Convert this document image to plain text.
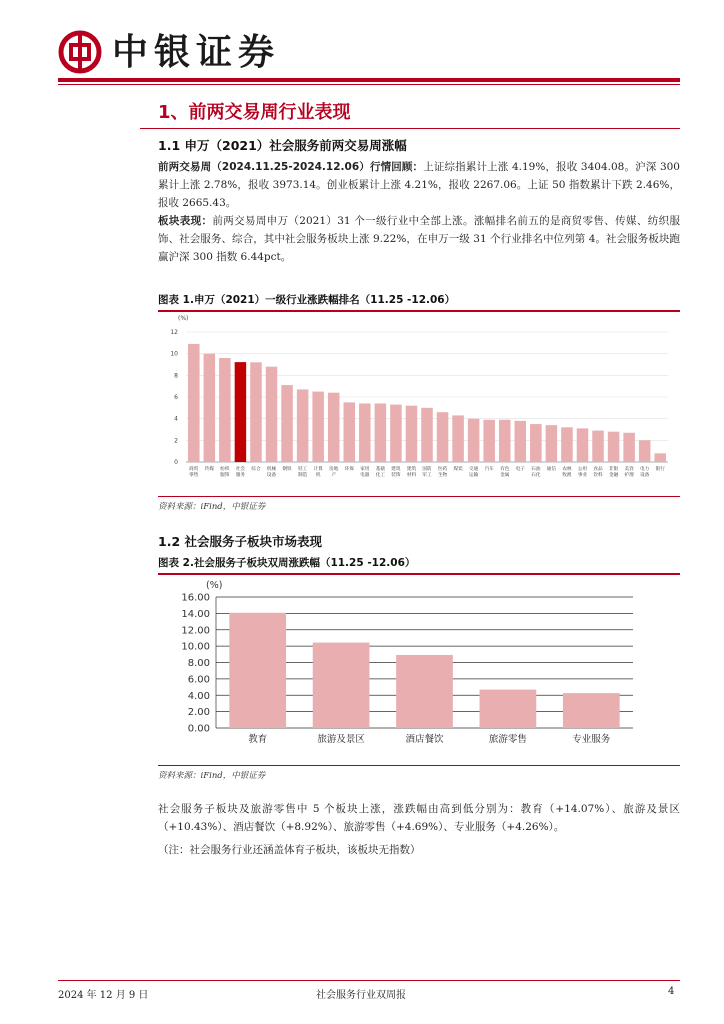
中银证券
1、前两交易周行业表现
1.1 申万（2021）社会服务前两交易周涨幅
前两交易周（2024.11.25-2024.12.06）行情回顾：上证综指累计上涨 4.19%，报收 3404.08。沪深 300 累计上涨 2.78%，报收 3973.14。创业板累计上涨 4.21%，报收 2267.06。上证 50 指数累计下跌 2.46%，报收 2665.43。
板块表现：前两交易周申万（2021）31 个一级行业中全部上涨。涨幅排名前五的是商贸零售、传媒、纺织服饰、社会服务、综合，其中社会服务板块上涨 9.22%，在申万一级 31 个行业排名中位列第 4。社会服务板块跑赢沪深 300 指数 6.44pct。
图表 1.申万（2021）一级行业涨跌幅排名（11.25 -12.06）
(%)
0
2
4
6
8
10
12
商贸零售
传媒 纺织服饰
社会服务
综合 机械设备
钢铁 轻工制造
计算机
房地产
环保 家用电器
基础化工
建筑装饰
建筑材料
国防军工
医药生物
煤炭 交通运输
汽车 有色金属
电子 石油石化
通信 农林牧渔
公用事业
食品饮料
非银金融
美容护理
电力设备
银行
资料来源：iFind，中银证券
1.2 社会服务子板块市场表现
图表 2.社会服务子板块双周涨跌幅（11.25 -12.06）
(%)
0.00
2.00
4.00
6.00
8.00
10.00
12.00
14.00
16.00
教育	旅游及景区	酒店餐饮	旅游零售	专业服务
资料来源：iFind，中银证券
社会服务子板块及旅游零售中 5 个板块上涨，涨跌幅由高到低分别为：教育（+14.07%）、旅游及景区（+10.43%）、酒店餐饮（+8.92%）、旅游零售（+4.69%）、专业服务（+4.26%）。
（注：社会服务行业还涵盖体育子板块，该板块无指数）
2024 年 12 月 9 日	社会服务行业双周报	4
